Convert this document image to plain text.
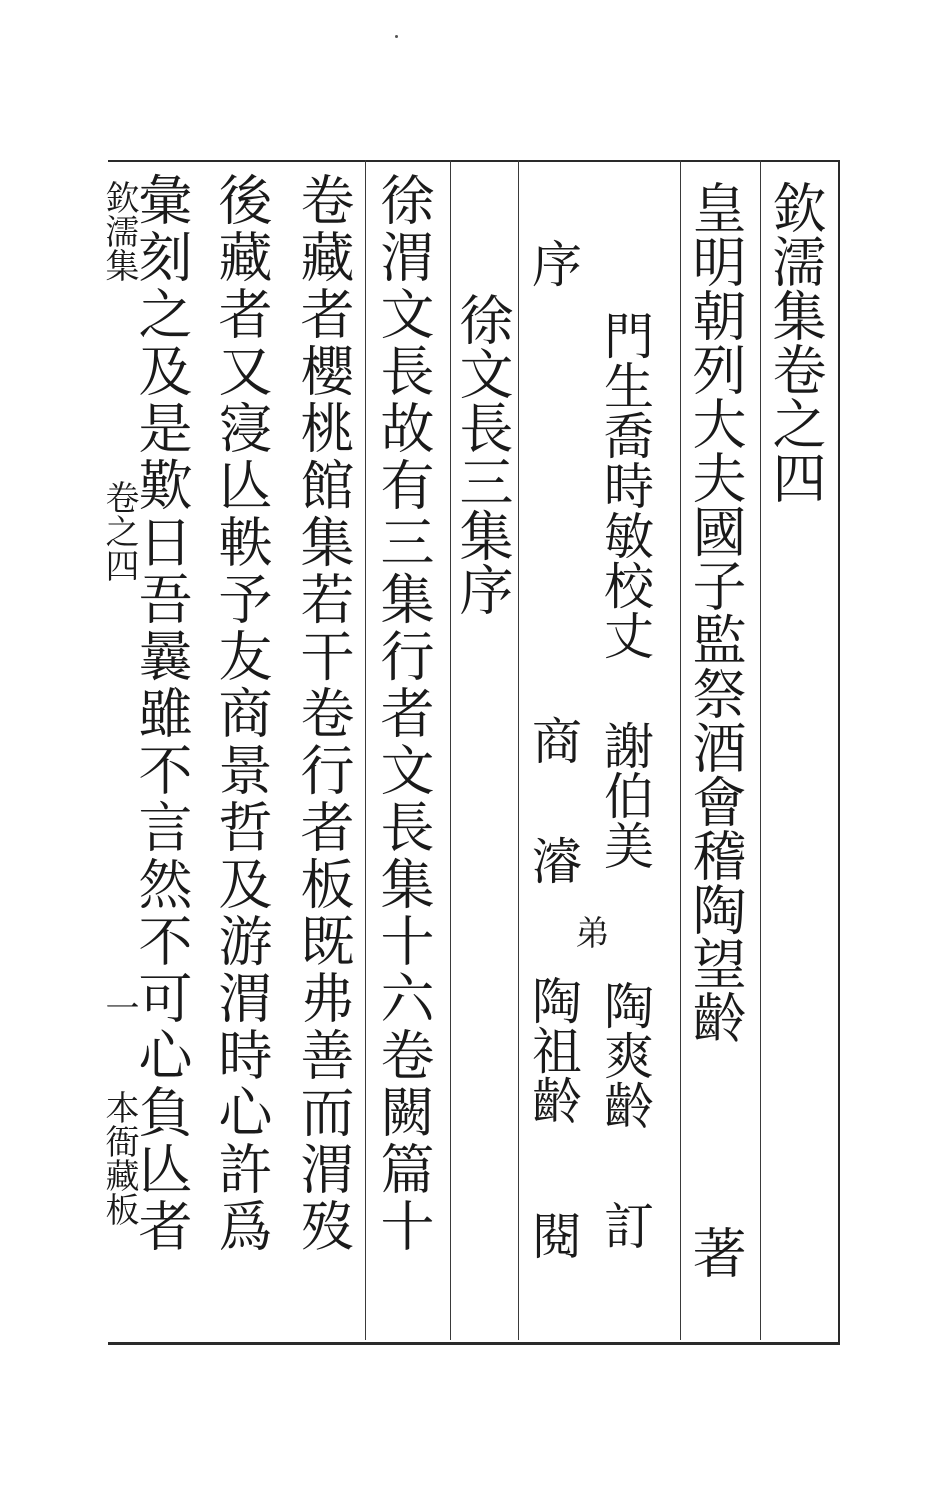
欽濡集卷之四
皇明朝列大夫國子監祭酒會稽陶望齡
著
門生喬時敏校丈
謝伯美
陶爽齡
訂
序
商
濬
弟
陶祖齡
閱
徐文長三集序
徐渭文長故有三集行者文長集十六卷闕篇十
卷藏者櫻桃館集若干卷行者板既弗善而渭歿
後藏者又寖亾軼予友商景哲及游渭時心許爲
彙刻之及是歎日吾曩雖不言然不可心負亾者
欽濡集
卷之四
一
本衙藏板
